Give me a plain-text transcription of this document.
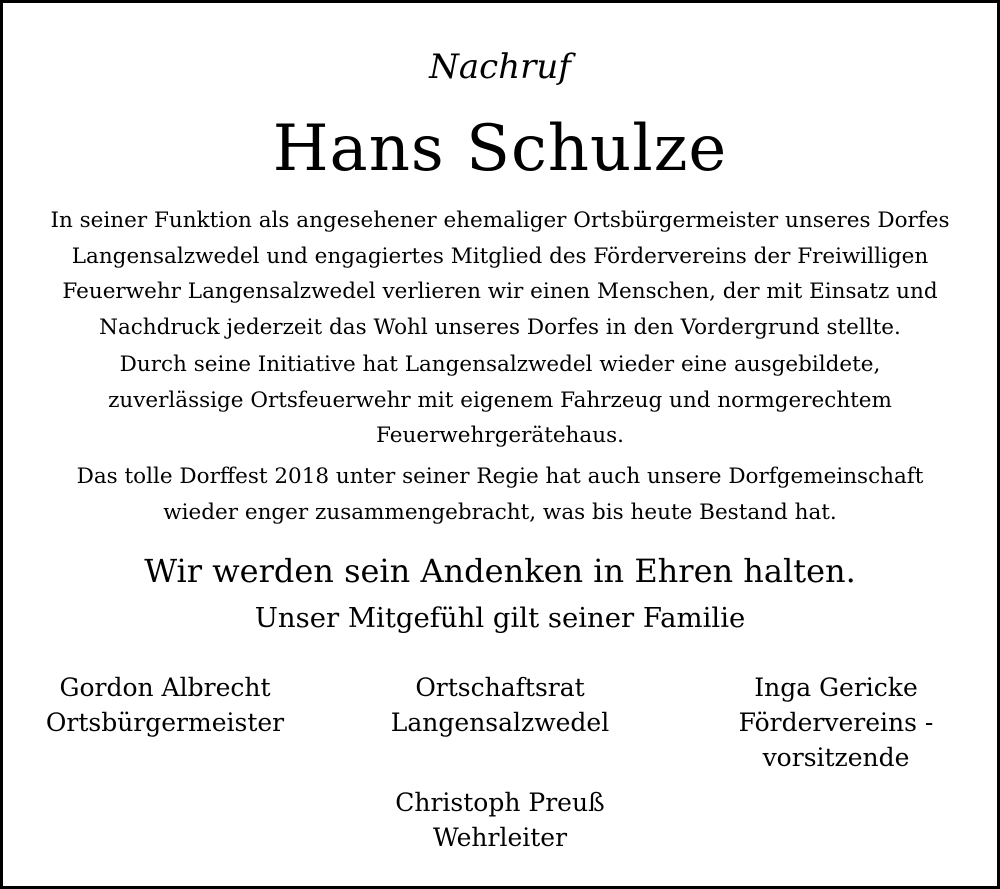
Nachruf
Hans Schulze
In seiner Funktion als angesehener ehemaliger Ortsbürgermeister unseres Dorfes
Langensalzwedel und engagiertes Mitglied des Fördervereins der Freiwilligen
Feuerwehr Langensalzwedel verlieren wir einen Menschen, der mit Einsatz und
Nachdruck jederzeit das Wohl unseres Dorfes in den Vordergrund stellte.
Durch seine Initiative hat Langensalzwedel wieder eine ausgebildete,
zuverlässige Ortsfeuerwehr mit eigenem Fahrzeug und normgerechtem
Feuerwehrgerätehaus.
Das tolle Dorffest 2018 unter seiner Regie hat auch unsere Dorfgemeinschaft
wieder enger zusammengebracht, was bis heute Bestand hat.
Wir werden sein Andenken in Ehren halten.
Unser Mitgefühl gilt seiner Familie
Gordon Albrecht
Ortsbürgermeister
Ortschaftsrat
Langensalzwedel
Inga Gericke
Fördervereins -
vorsitzende
Christoph Preuß
Wehrleiter
